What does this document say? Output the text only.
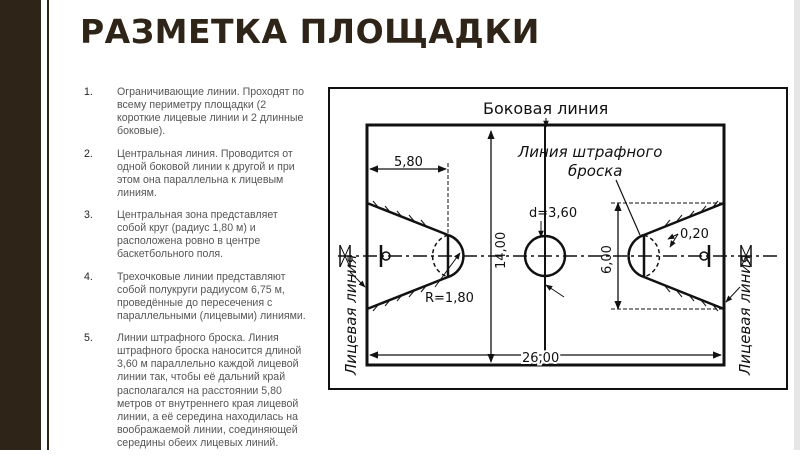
РАЗМЕТКА ПЛОЩАДКИ
1. Ограничивающие линии. Проходят по всему периметру площадки (2 короткие лицевые линии и 2 длинные боковые).
2. Центральная линия. Проводится от одной боковой линии к другой и при этом она параллельна к лицевым линиям.
3. Центральная зона представляет собой круг (радиус 1,80 м) и расположена ровно в центре баскетбольного поля.
4. Трехочковые линии представляют собой полукруги радиусом 6,75 м, проведённые до пересечения с параллельными (лицевыми) линиями.
5. Линии штрафного броска. Линия штрафного броска наносится длиной 3,60 м параллельно каждой лицевой линии так, чтобы её дальний край располагался на расстоянии 5,80 метров от внутреннего края лицевой линии, а её середина находилась на воображаемой линии, соединяющей середины обеих лицевых линий.
5,80
14,00
26,00
6,00
0,20
d=3,60
R=1,80
Боковая линия
Линия штрафного
броска
Лицевая линия	Лицевая линия
